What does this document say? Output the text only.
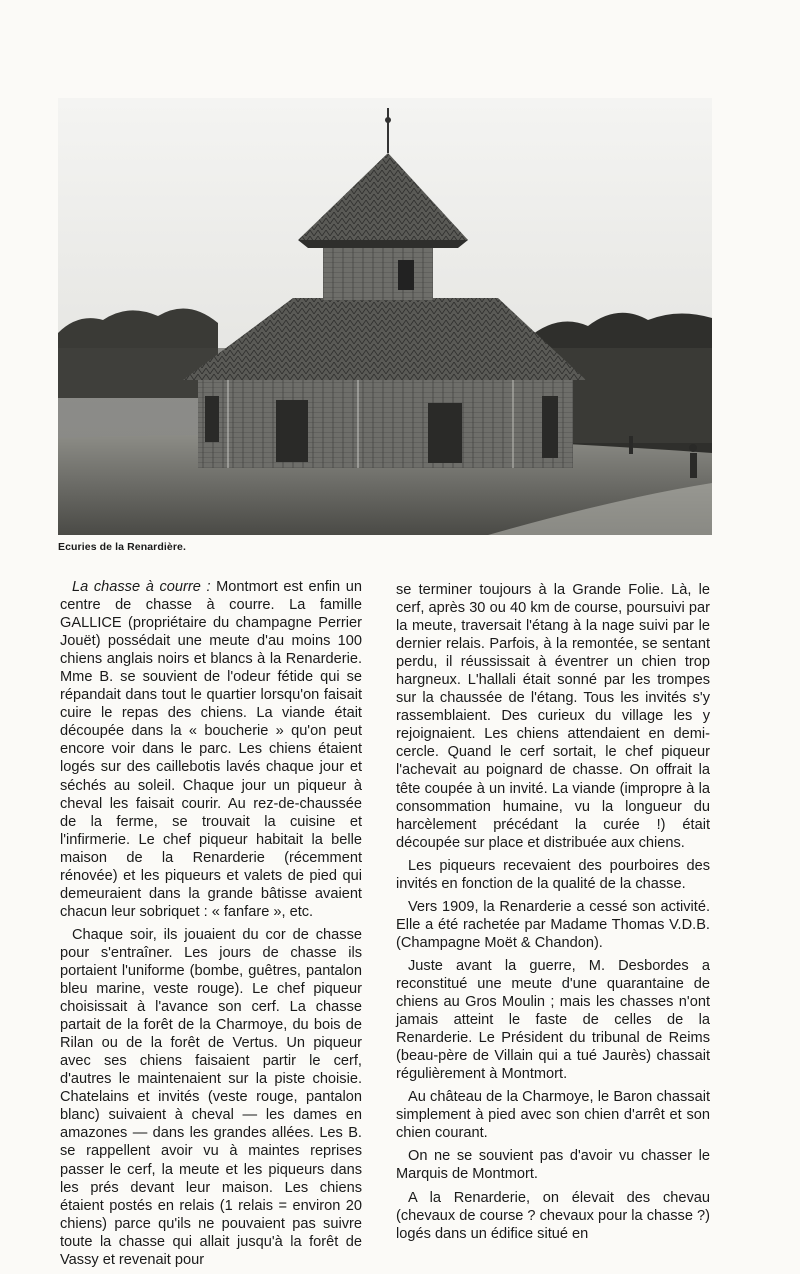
Ecuries de la Renardière.

La chasse à courre : Montmort est enfin un centre de chasse à courre. La famille GALLICE (propriétaire du champagne Perrier Jouët) possédait une meute d'au moins 100 chiens anglais noirs et blancs à la Renarderie. Mme B. se souvient de l'odeur fétide qui se répandait dans tout le quartier lorsqu'on faisait cuire le repas des chiens. La viande était découpée dans la « boucherie » qu'on peut encore voir dans le parc. Les chiens étaient logés sur des caillebotis lavés chaque jour et séchés au soleil. Chaque jour un piqueur à cheval les faisait courir. Au rez-de-chaussée de la ferme, se trouvait la cuisine et l'infirmerie. Le chef piqueur habitait la belle maison de la Renarderie (récemment rénovée) et les piqueurs et valets de pied qui demeuraient dans la grande bâtisse avaient chacun leur sobriquet : « fanfare », etc.

Chaque soir, ils jouaient du cor de chasse pour s'entraîner. Les jours de chasse ils portaient l'uniforme (bombe, guêtres, pantalon bleu marine, veste rouge). Le chef piqueur choisissait à l'avance son cerf. La chasse partait de la forêt de la Charmoye, du bois de Rilan ou de la forêt de Vertus. Un piqueur avec ses chiens faisaient partir le cerf, d'autres le maintenaient sur la piste choisie. Chatelains et invités (veste rouge, pantalon blanc) suivaient à cheval — les dames en amazones — dans les grandes allées. Les B. se rappellent avoir vu à maintes reprises passer le cerf, la meute et les piqueurs dans les prés devant leur maison. Les chiens étaient postés en relais (1 relais = environ 20 chiens) parce qu'ils ne pouvaient pas suivre toute la chasse qui allait jusqu'à la forêt de Vassy et revenait pour

se terminer toujours à la Grande Folie. Là, le cerf, après 30 ou 40 km de course, poursuivi par la meute, traversait l'étang à la nage suivi par le dernier relais. Parfois, à la remontée, se sentant perdu, il réussissait à éventrer un chien trop hargneux. L'hallali était sonné par les trompes sur la chaussée de l'étang. Tous les invités s'y rassemblaient. Des curieux du village les y rejoignaient. Les chiens attendaient en demi-cercle. Quand le cerf sortait, le chef piqueur l'achevait au poignard de chasse. On offrait la tête coupée à un invité. La viande (impropre à la consommation humaine, vu la longueur du harcèlement précédant la curée !) était découpée sur place et distribuée aux chiens.

Les piqueurs recevaient des pourboires des invités en fonction de la qualité de la chasse.

Vers 1909, la Renarderie a cessé son activité. Elle a été rachetée par Madame Thomas V.D.B. (Champagne Moët & Chandon).

Juste avant la guerre, M. Desbordes a reconstitué une meute d'une quarantaine de chiens au Gros Moulin ; mais les chasses n'ont jamais atteint le faste de celles de la Renarderie. Le Président du tribunal de Reims (beau-père de Villain qui a tué Jaurès) chassait régulièrement à Montmort.

Au château de la Charmoye, le Baron chassait simplement à pied avec son chien d'arrêt et son chien courant.

On ne se souvient pas d'avoir vu chasser le Marquis de Montmort.

A la Renarderie, on élevait des chevau (chevaux de course ? chevaux pour la chasse ?) logés dans un édifice situé en
